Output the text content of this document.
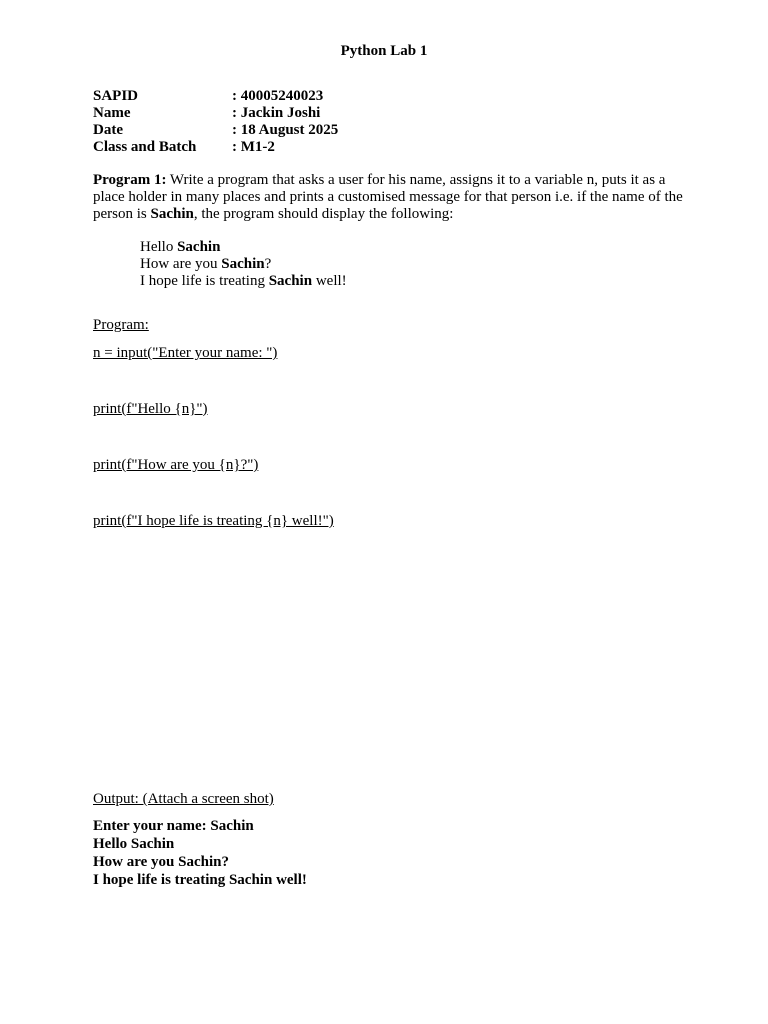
Python Lab 1
SAPID	: 40005240023
Name	: Jackin Joshi
Date	: 18 August 2025
Class and Batch	: M1-2
Program 1: Write a program that asks a user for his name, assigns it to a variable n, puts it as a place holder in many places and prints a customised message for that person i.e. if the name of the person is Sachin, the program should display the following:
Hello Sachin
How are you Sachin?
I hope life is treating Sachin well!
Program:
n = input("Enter your name: ")
print(f"Hello {n}")
print(f"How are you {n}?")
print(f"I hope life is treating {n} well!")
Output: (Attach a screen shot)
Enter your name: Sachin
Hello Sachin
How are you Sachin?
I hope life is treating Sachin well!
